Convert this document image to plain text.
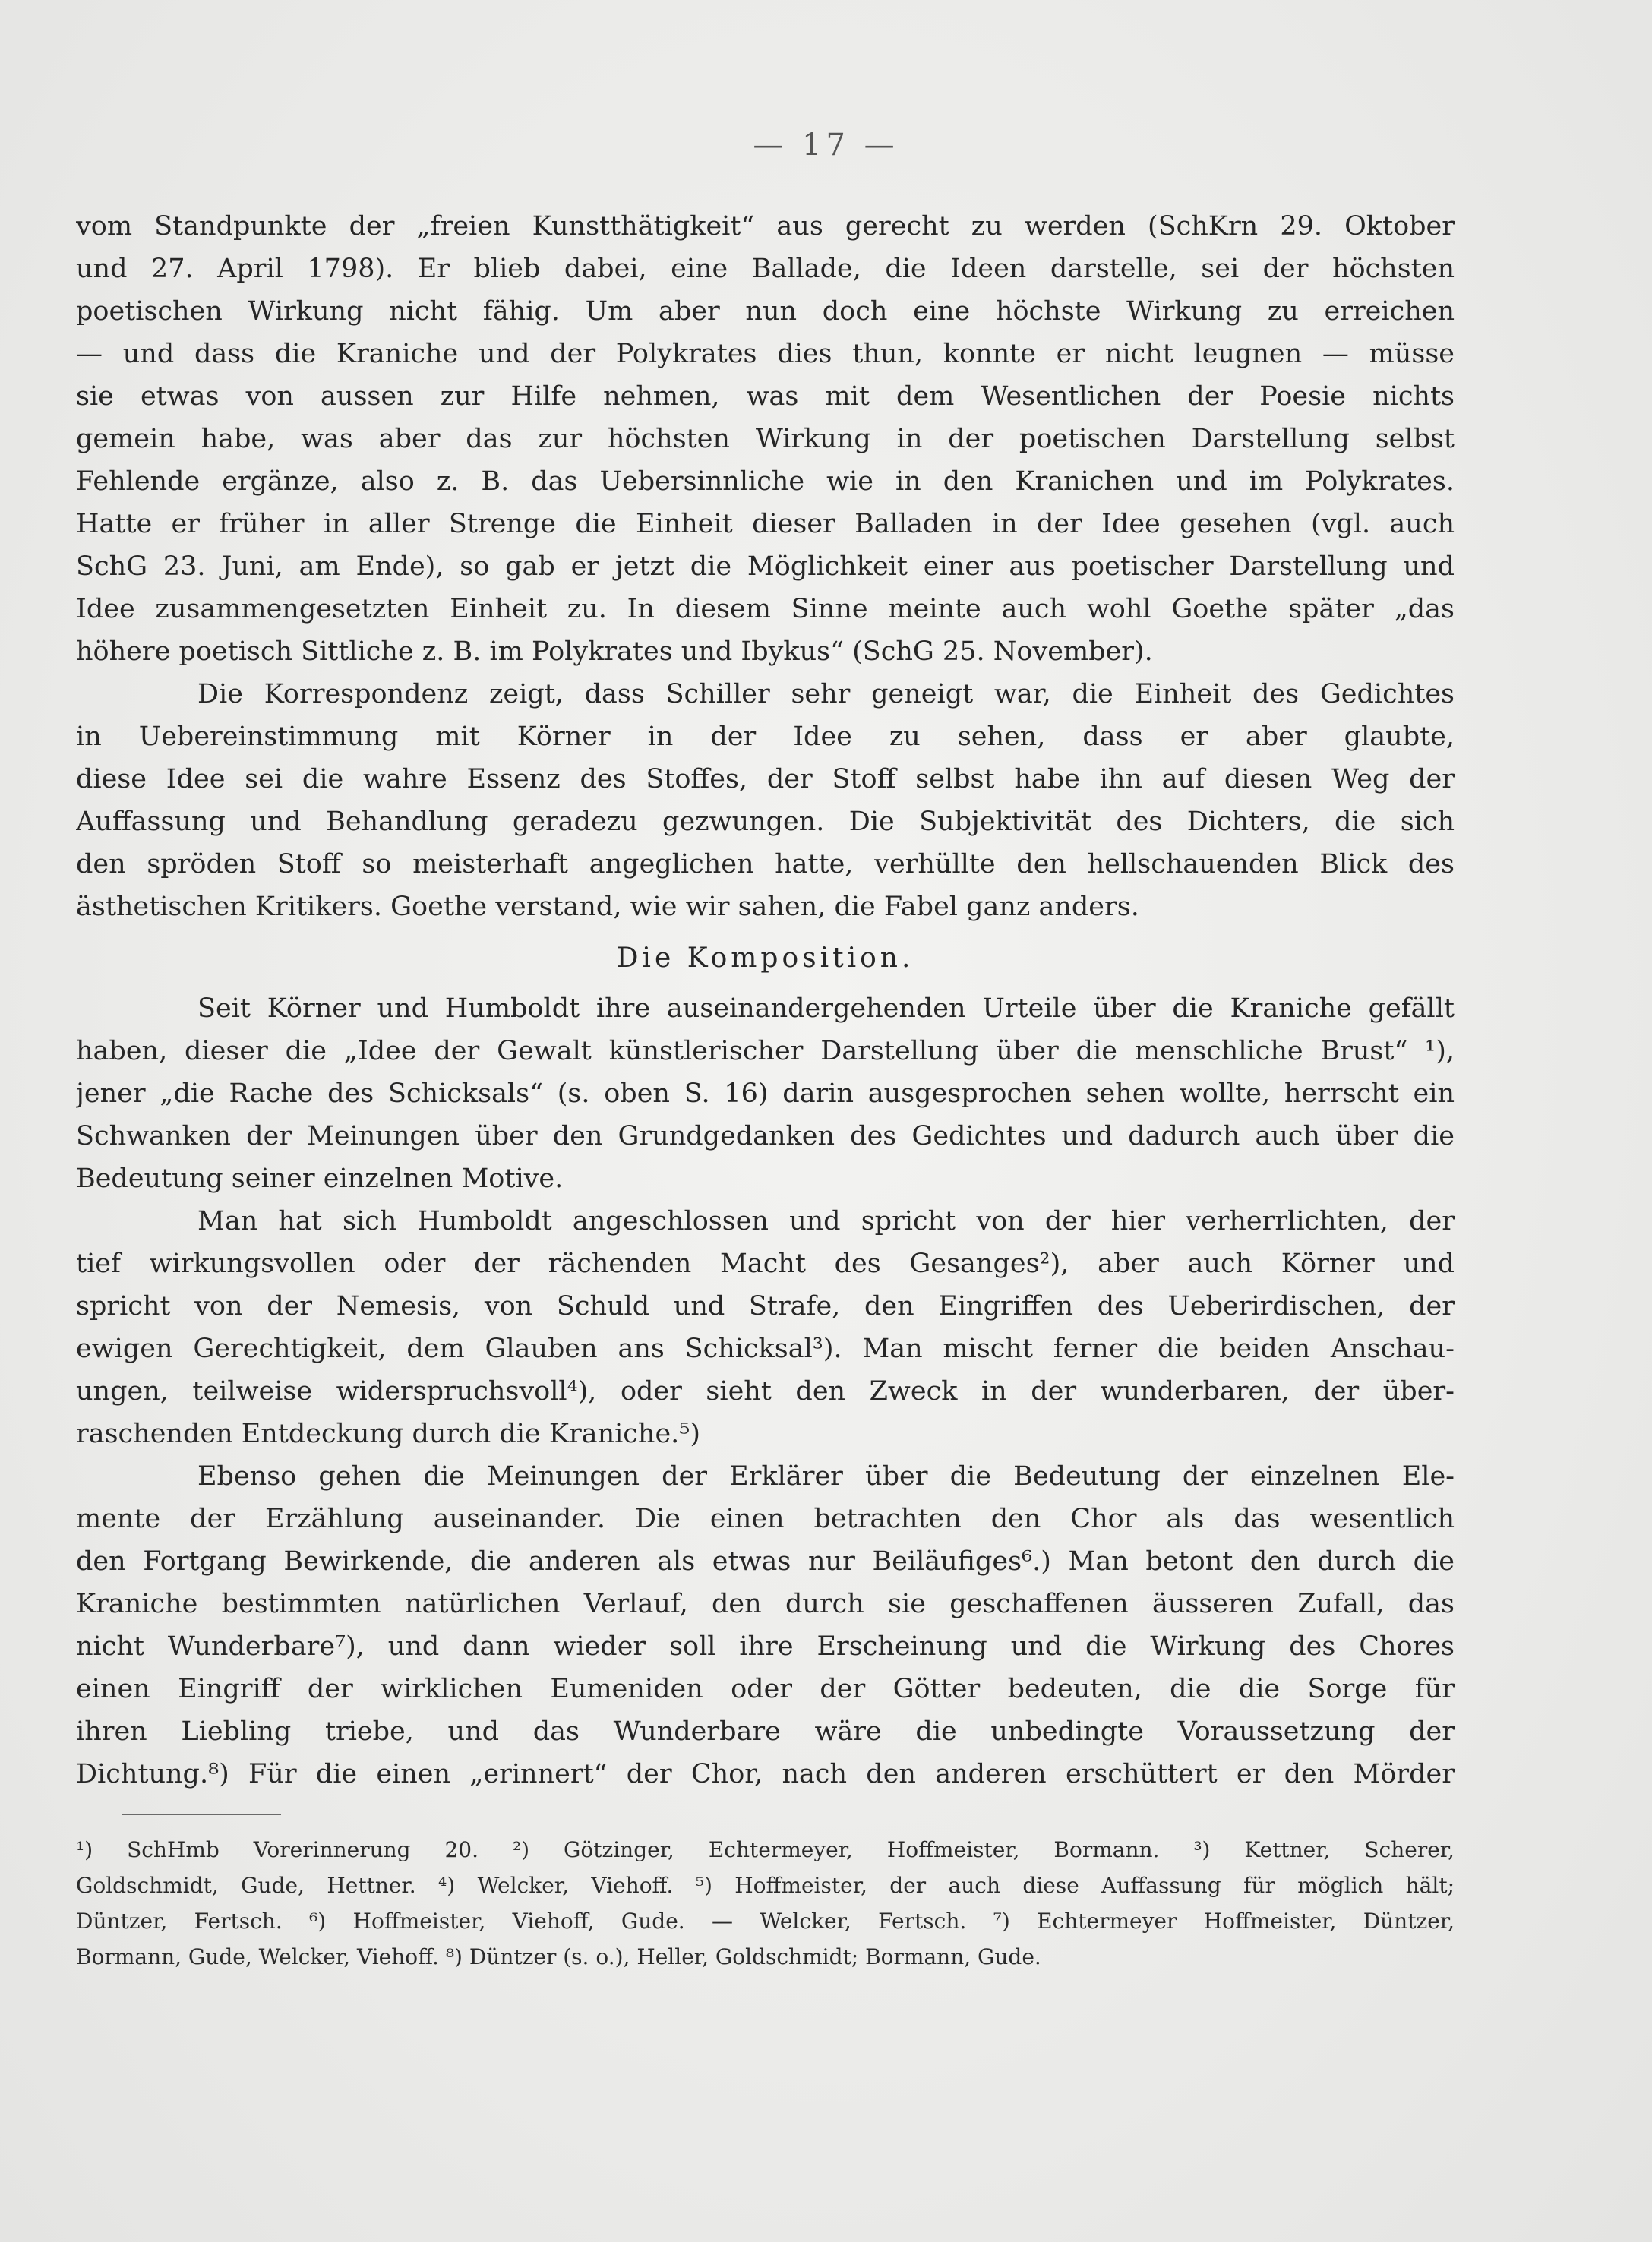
— 17 —
vom Standpunkte der „freien Kunstthätigkeit“ aus gerecht zu werden (SchKrn 29. Oktober
und 27. April 1798). Er blieb dabei, eine Ballade, die Ideen darstelle, sei der höchsten
poetischen Wirkung nicht fähig. Um aber nun doch eine höchste Wirkung zu erreichen
— und dass die Kraniche und der Polykrates dies thun, konnte er nicht leugnen — müsse
sie etwas von aussen zur Hilfe nehmen, was mit dem Wesentlichen der Poesie nichts
gemein habe, was aber das zur höchsten Wirkung in der poetischen Darstellung selbst
Fehlende ergänze, also z. B. das Uebersinnliche wie in den Kranichen und im Polykrates.
Hatte er früher in aller Strenge die Einheit dieser Balladen in der Idee gesehen (vgl. auch
SchG 23. Juni, am Ende), so gab er jetzt die Möglichkeit einer aus poetischer Darstellung und
Idee zusammengesetzten Einheit zu. In diesem Sinne meinte auch wohl Goethe später „das
höhere poetisch Sittliche z. B. im Polykrates und Ibykus“ (SchG 25. November).
Die Korrespondenz zeigt, dass Schiller sehr geneigt war, die Einheit des Gedichtes
in Uebereinstimmung mit Körner in der Idee zu sehen, dass er aber glaubte,
diese Idee sei die wahre Essenz des Stoffes, der Stoff selbst habe ihn auf diesen Weg der
Auffassung und Behandlung geradezu gezwungen. Die Subjektivität des Dichters, die sich
den spröden Stoff so meisterhaft angeglichen hatte, verhüllte den hellschauenden Blick des
ästhetischen Kritikers. Goethe verstand, wie wir sahen, die Fabel ganz anders.
Die Komposition.
Seit Körner und Humboldt ihre auseinandergehenden Urteile über die Kraniche gefällt
haben, dieser die „Idee der Gewalt künstlerischer Darstellung über die menschliche Brust“ ¹),
jener „die Rache des Schicksals“ (s. oben S. 16) darin ausgesprochen sehen wollte, herrscht ein
Schwanken der Meinungen über den Grundgedanken des Gedichtes und dadurch auch über die
Bedeutung seiner einzelnen Motive.
Man hat sich Humboldt angeschlossen und spricht von der hier verherrlichten, der
tief wirkungsvollen oder der rächenden Macht des Gesanges²), aber auch Körner und
spricht von der Nemesis, von Schuld und Strafe, den Eingriffen des Ueberirdischen, der
ewigen Gerechtigkeit, dem Glauben ans Schicksal³). Man mischt ferner die beiden Anschau-
ungen, teilweise widerspruchsvoll⁴), oder sieht den Zweck in der wunderbaren, der über-
raschenden Entdeckung durch die Kraniche.⁵)
Ebenso gehen die Meinungen der Erklärer über die Bedeutung der einzelnen Ele-
mente der Erzählung auseinander. Die einen betrachten den Chor als das wesentlich
den Fortgang Bewirkende, die anderen als etwas nur Beiläufiges⁶.) Man betont den durch die
Kraniche bestimmten natürlichen Verlauf, den durch sie geschaffenen äusseren Zufall, das
nicht Wunderbare⁷), und dann wieder soll ihre Erscheinung und die Wirkung des Chores
einen Eingriff der wirklichen Eumeniden oder der Götter bedeuten, die die Sorge für
ihren Liebling triebe, und das Wunderbare wäre die unbedingte Voraussetzung der
Dichtung.⁸) Für die einen „erinnert“ der Chor, nach den anderen erschüttert er den Mörder
¹) SchHmb Vorerinnerung 20. ²) Götzinger, Echtermeyer, Hoffmeister, Bormann. ³) Kettner, Scherer,
Goldschmidt, Gude, Hettner. ⁴) Welcker, Viehoff. ⁵) Hoffmeister, der auch diese Auffassung für möglich hält;
Düntzer, Fertsch. ⁶) Hoffmeister, Viehoff, Gude. — Welcker, Fertsch. ⁷) Echtermeyer Hoffmeister, Düntzer,
Bormann, Gude, Welcker, Viehoff. ⁸) Düntzer (s. o.), Heller, Goldschmidt; Bormann, Gude.
